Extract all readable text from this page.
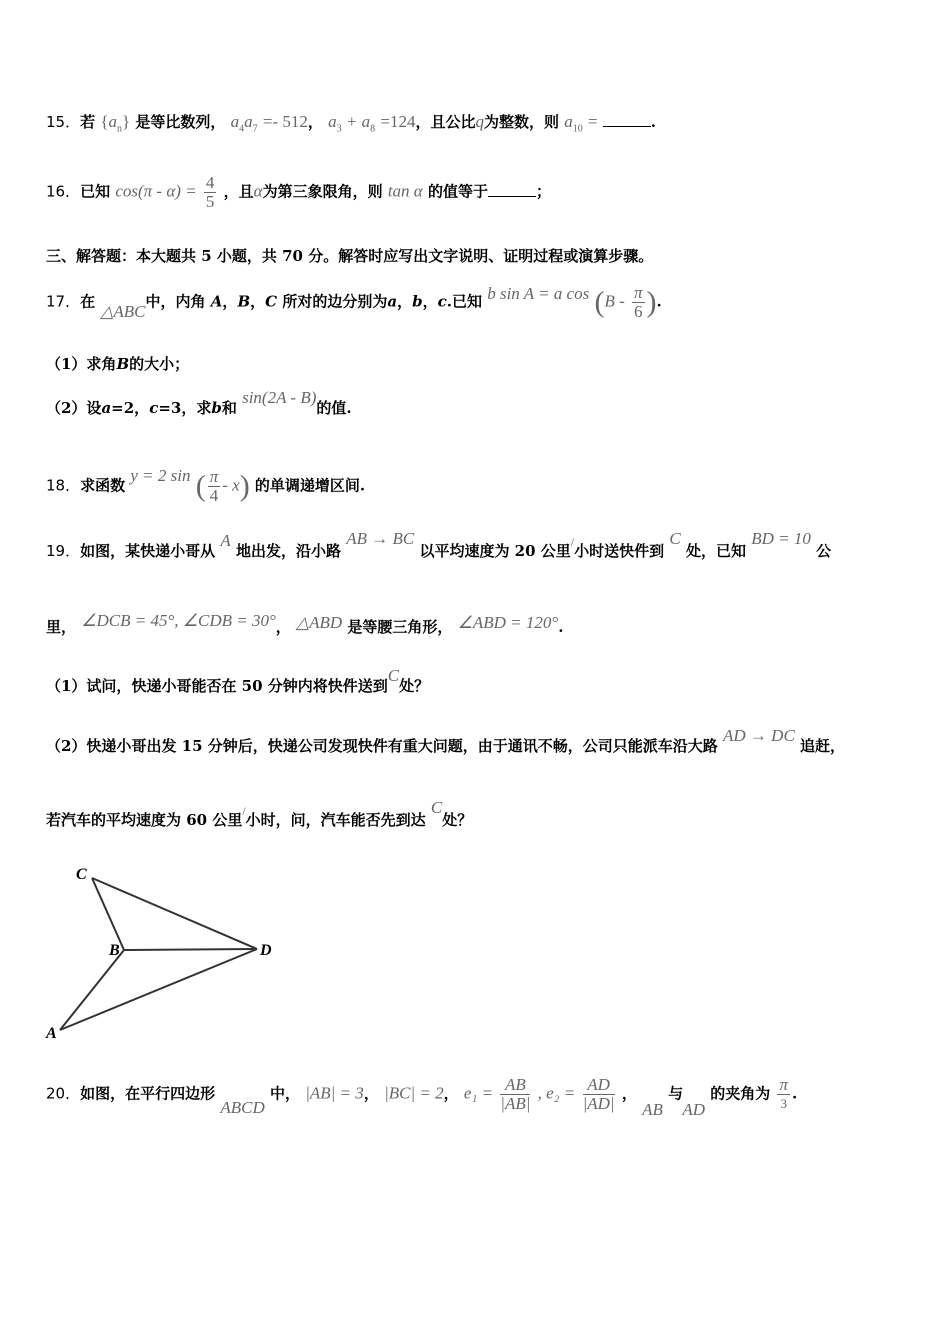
15．若 $\{a_n\}$ 是等比数列， $a_4a_7 =- 512$， $a_3 + a_8 =124$，且公比q为整数，则 $a_{10}$ =	.
16．已知 $\cos(\pi - \alpha) = \frac{4}{5}$ ，且α为第三象限角，则 tan α 的值等于	；
三、解答题：本大题共 5 小题，共 70 分。解答时应写出文字说明、证明过程或演算步骤。
17．在 △ABC中，内角 A，B，C 所对的边分别为a，b，c.已知 b sin A = a $\cos (B - \frac{\pi}{6}$ ).
（1）求角B的大小；
（2）设a=2，c=3，求b和 sin(2A - B)的值.
18．求函数 y = 2 sin ( $\frac{\pi}{4} - x$) 的单调递增区间.
19．如图，某快递小哥从 A 地出发，沿小路 AB → BC 以平均速度为 20 公里/小时送快件到 C 处，已知 BD = 10 公
里， ∠DCB = 45°, ∠CDB = 30°， △ABD 是等腰三角形， ∠ABD = 120°.
（1）试问，快递小哥能否在 50 分钟内将快件送到C处？
（2）快递小哥出发 15 分钟后，快递公司发现快件有重大问题，由于通讯不畅，公司只能派车沿大路 AD → DC 追赶，
若汽车的平均速度为 60 公里/小时，问，汽车能否先到达 C处？
C
B	D
A
20．如图，在平行四边形 ABCD 中， |AB| = 3， |BC| = 2， $e_1 = \frac{AB}{|AB|}$ , $e_2 = \frac{AD}{|AD|}$ ， AB 与 AD 的夹角为 $\frac{\pi}{3}$ .
